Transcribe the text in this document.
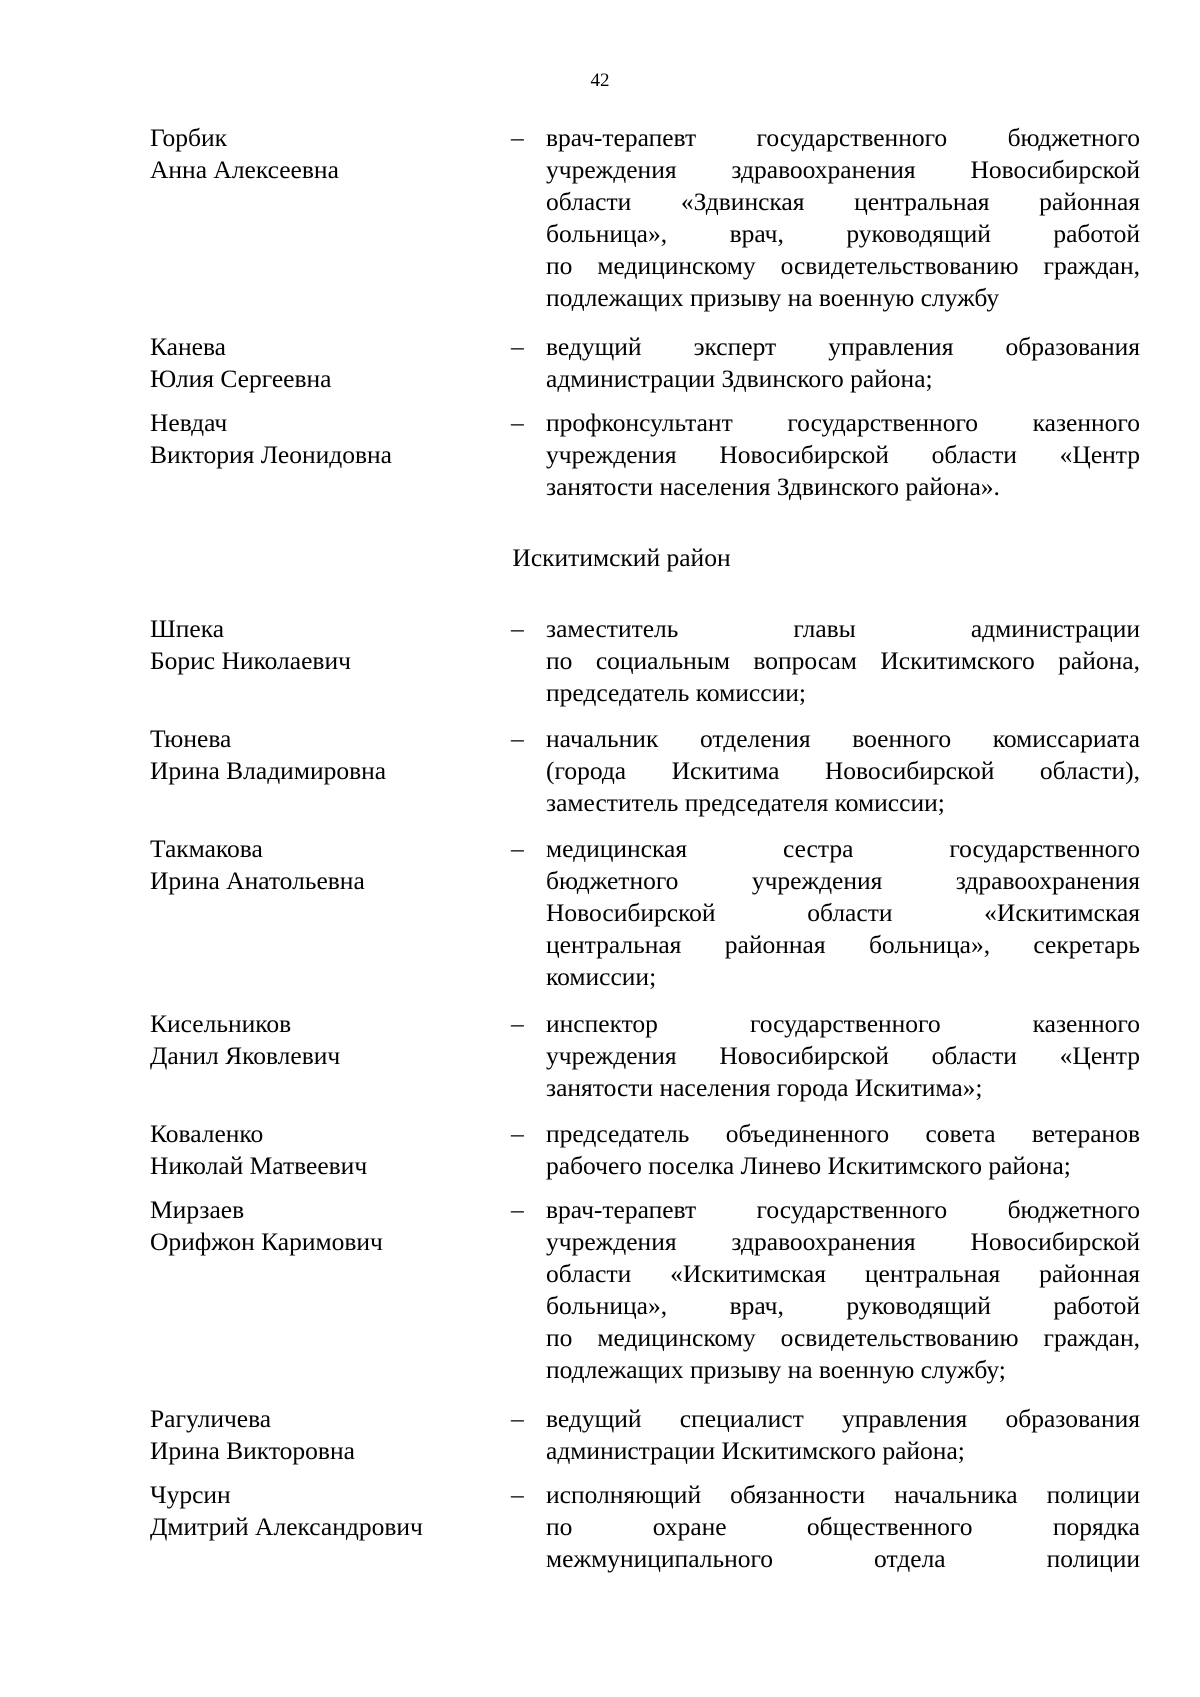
42
Горбик
Анна Алексеевна
– врач-терапевт государственного бюджетного
учреждения здравоохранения Новосибирской
области «Здвинская центральная районная
больница», врач, руководящий работой
по медицинскому освидетельствованию граждан,
подлежащих призыву на военную службу
Канева
Юлия Сергеевна
– ведущий эксперт управления образования
администрации Здвинского района;
Невдач
Виктория Леонидовна
– профконсультант государственного казенного
учреждения Новосибирской области «Центр
занятости населения Здвинского района».
Искитимский район
Шпека
Борис Николаевич
– заместитель главы администрации
по социальным вопросам Искитимского района,
председатель комиссии;
Тюнева
Ирина Владимировна
– начальник отделения военного комиссариата
(города Искитима Новосибирской области),
заместитель председателя комиссии;
Такмакова
Ирина Анатольевна
– медицинская сестра государственного
бюджетного учреждения здравоохранения
Новосибирской области «Искитимская
центральная районная больница», секретарь
комиссии;
Кисельников
Данил Яковлевич
– инспектор государственного казенного
учреждения Новосибирской области «Центр
занятости населения города Искитима»;
Коваленко
Николай Матвеевич
– председатель объединенного совета ветеранов
рабочего поселка Линево Искитимского района;
Мирзаев
Орифжон Каримович
– врач-терапевт государственного бюджетного
учреждения здравоохранения Новосибирской
области «Искитимская центральная районная
больница», врач, руководящий работой
по медицинскому освидетельствованию граждан,
подлежащих призыву на военную службу;
Рагуличева
Ирина Викторовна
– ведущий специалист управления образования
администрации Искитимского района;
Чурсин
Дмитрий Александрович
– исполняющий обязанности начальника полиции
по охране общественного порядка
межмуниципального отдела полиции
